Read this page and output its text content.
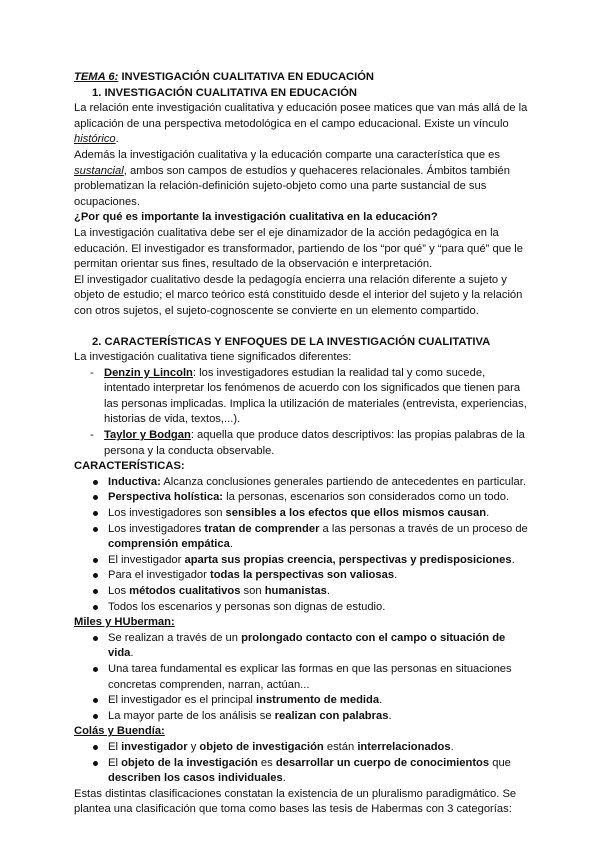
TEMA 6: INVESTIGACIÓN CUALITATIVA EN EDUCACIÓN

1. INVESTIGACIÓN CUALITATIVA EN EDUCACIÓN

La relación ente investigación cualitativa y educación posee matices que van más allá de la aplicación de una perspectiva metodológica en el campo educacional. Existe un vínculo histórico.

Además la investigación cualitativa y la educación comparte una característica que es sustancial, ambos son campos de estudios y quehaceres relacionales. Ámbitos también problematizan la relación-definición sujeto-objeto como una parte sustancial de sus ocupaciones.

¿Por qué es importante la investigación cualitativa en la educación?

La investigación cualitativa debe ser el eje dinamizador de la acción pedagógica en la educación. El investigador es transformador, partiendo de los “por qué” y “para qué” que le permitan orientar sus fines, resultado de la observación e interpretación.

El investigador cualitativo desde la pedagogía encierra una relación diferente a sujeto y objeto de estudio; el marco teórico está constituido desde el interior del sujeto y la relación con otros sujetos, el sujeto-cognoscente se convierte en un elemento compartido.

2. CARACTERÍSTICAS Y ENFOQUES DE LA INVESTIGACIÓN CUALITATIVA

La investigación cualitativa tiene significados diferentes:

- Denzin y Lincoln: los investigadores estudian la realidad tal y como sucede, intentado interpretar los fenómenos de acuerdo con los significados que tienen para las personas implicadas. Implica la utilización de materiales (entrevista, experiencias, historias de vida, textos,...).
- Taylor y Bodgan: aquella que produce datos descriptivos: las propias palabras de la persona y la conducta observable.

CARACTERÍSTICAS:

Inductiva: Alcanza conclusiones generales partiendo de antecedentes en particular.
Perspectiva holística: la personas, escenarios son considerados como un todo.
Los investigadores son sensibles a los efectos que ellos mismos causan.
Los investigadores tratan de comprender a las personas a través de un proceso de comprensión empática.
El investigador aparta sus propias creencia, perspectivas y predisposiciones.
Para el investigador todas la perspectivas son valiosas.
Los métodos cualitativos son humanistas.
Todos los escenarios y personas son dignas de estudio.

Miles y HUberman:

Se realizan a través de un prolongado contacto con el campo o situación de vida.
Una tarea fundamental es explicar las formas en que las personas en situaciones concretas comprenden, narran, actúan...
El investigador es el principal instrumento de medida.
La mayor parte de los análisis se realizan con palabras.

Colás y Buendía:

El investigador y objeto de investigación están interrelacionados.
El objeto de la investigación es desarrollar un cuerpo de conocimientos que describen los casos individuales.

Estas distintas clasificaciones constatan la existencia de un pluralismo paradigmático. Se plantea una clasificación que toma como bases las tesis de Habermas con 3 categorías:
